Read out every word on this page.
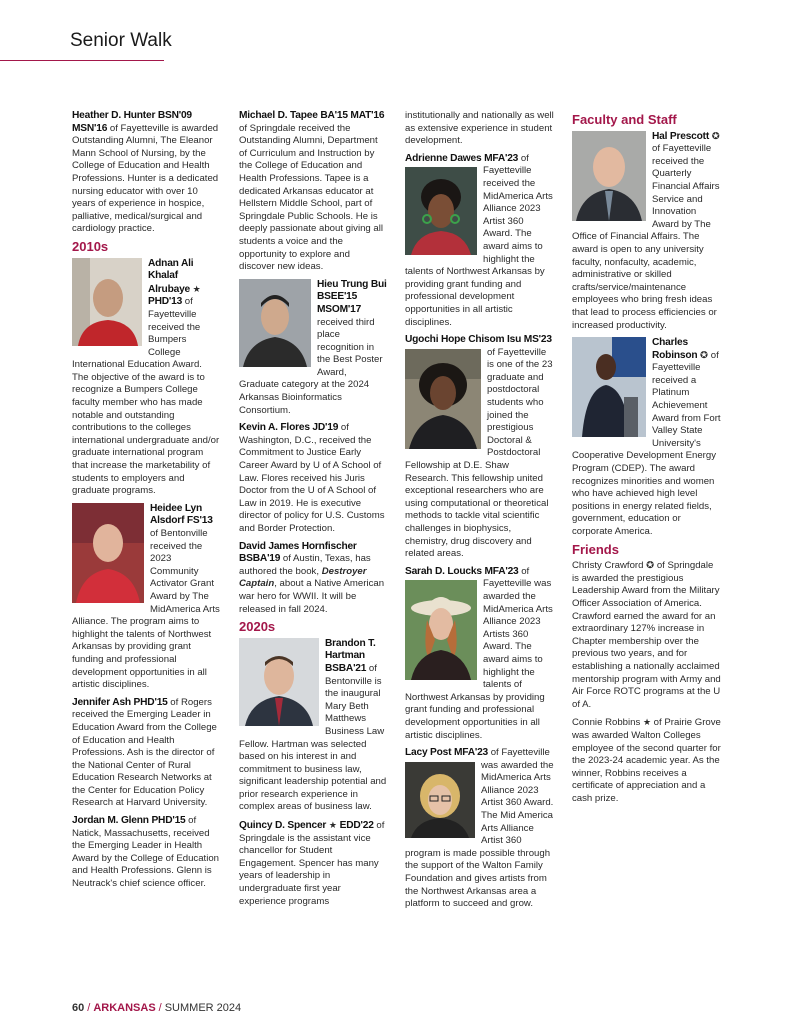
Senior Walk
Heather D. Hunter BSN'09 MSN'16 of Fayetteville is awarded Outstanding Alumni, The Eleanor Mann School of Nursing, by the College of Education and Health Professions. Hunter is a dedicated nursing educator with over 10 years of experience in hospice, palliative, medical/surgical and cardiology practice.
2010s
Adnan Ali Khalaf Alrubaye ★ PHD'13 of Fayetteville received the Bumpers College International Education Award. The objective of the award is to recognize a Bumpers College faculty member who has made notable and outstanding contributions to the colleges international undergraduate and/or graduate international program that increase the marketability of students to employers and graduate programs.
Heidee Lyn Alsdorf FS'13 of Bentonville received the 2023 Community Activator Grant Award by The MidAmerica Arts Alliance. The program aims to highlight the talents of Northwest Arkansas by providing grant funding and professional development opportunities in all artistic disciplines.
Jennifer Ash PHD'15 of Rogers received the Emerging Leader in Education Award from the College of Education and Health Professions. Ash is the director of the National Center of Rural Education Research Networks at the Center for Education Policy Research at Harvard University.
Jordan M. Glenn PHD'15 of Natick, Massachusetts, received the Emerging Leader in Health Award by the College of Education and Health Professions. Glenn is Neutrack's chief science officer.
Michael D. Tapee BA'15 MAT'16 of Springdale received the Outstanding Alumni, Department of Curriculum and Instruction by the College of Education and Health Professions. Tapee is a dedicated Arkansas educator at Hellstern Middle School, part of Springdale Public Schools. He is deeply passionate about giving all students a voice and the opportunity to explore and discover new ideas.
Hieu Trung Bui BSEE'15 MSOM'17 received third place recognition in the Best Poster Award, Graduate category at the 2024 Arkansas Bioinformatics Consortium.
Kevin A. Flores JD'19 of Washington, D.C., received the Commitment to Justice Early Career Award by U of A School of Law. Flores received his Juris Doctor from the U of A School of Law in 2019. He is executive director of policy for U.S. Customs and Border Protection.
David James Hornfischer BSBA'19 of Austin, Texas, has authored the book, Destroyer Captain, about a Native American war hero for WWII. It will be released in fall 2024.
2020s
Brandon T. Hartman BSBA'21 of Bentonville is the inaugural Mary Beth Matthews Business Law Fellow. Hartman was selected based on his interest in and commitment to business law, significant leadership potential and prior research experience in complex areas of business law.
Quincy D. Spencer ★ EDD'22 of Springdale is the assistant vice chancellor for Student Engagement. Spencer has many years of leadership in undergraduate first year experience programs
institutionally and nationally as well as extensive experience in student development.
Adrienne Dawes MFA'23
of Fayetteville received the MidAmerica Arts Alliance 2023 Artist 360 Award. The award aims to highlight the talents of Northwest Arkansas by providing grant funding and professional development opportunities in all artistic disciplines.
Ugochi Hope Chisom Isu MS'23
of Fayetteville is one of the 23 graduate and postdoctoral students who joined the prestigious Doctoral & Postdoctoral Fellowship at D.E. Shaw Research. This fellowship united exceptional researchers who are using computational or theoretical methods to tackle vital scientific challenges in biophysics, chemistry, drug discovery and related areas.
Sarah D. Loucks MFA'23
of Fayetteville was awarded the MidAmerica Arts Alliance 2023 Artists 360 Award. The award aims to highlight the talents of Northwest Arkansas by providing grant funding and professional development opportunities in all artistic disciplines.
Lacy Post MFA'23
of Fayetteville was awarded the MidAmerica Arts Alliance 2023 Artist 360 Award. The Mid America Arts Alliance Artist 360 program is made possible through the support of the Walton Family Foundation and gives artists from the Northwest Arkansas area a platform to succeed and grow.
Faculty and Staff
Hal Prescott ✪ of Fayetteville received the Quarterly Financial Affairs Service and Innovation Award by The Office of Financial Affairs. The award is open to any university faculty, nonfaculty, academic, administrative or skilled crafts/service/maintenance employees who bring fresh ideas that lead to process efficiencies or increased productivity.
Charles Robinson ✪ of Fayetteville received a Platinum Achievement Award from Fort Valley State University's Cooperative Development Energy Program (CDEP). The award recognizes minorities and women who have achieved high level positions in energy related fields, government, education or corporate America.
Friends
Christy Crawford ✪ of Springdale is awarded the prestigious Leadership Award from the Military Officer Association of America. Crawford earned the award for an extraordinary 127% increase in Chapter membership over the previous two years, and for establishing a nationally acclaimed mentorship program with Army and Air Force ROTC programs at the U of A.
Connie Robbins ★ of Prairie Grove was awarded Walton Colleges employee of the second quarter for the 2023-24 academic year. As the winner, Robbins receives a certificate of appreciation and a cash prize.
60 / ARKANSAS / SUMMER 2024
